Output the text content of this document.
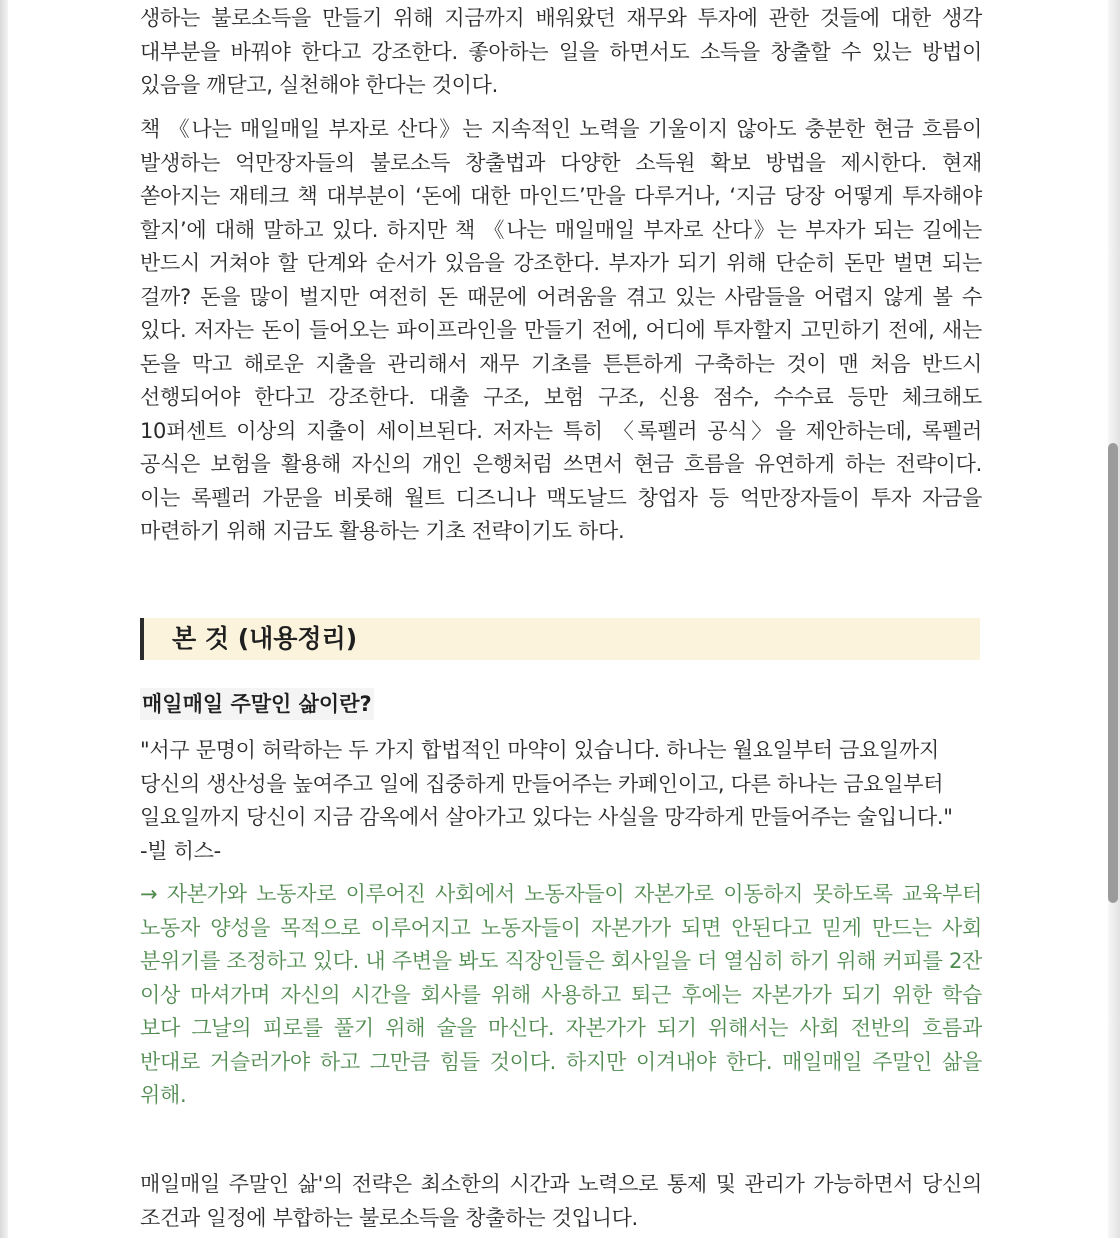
생하는 불로소득을 만들기 위해 지금까지 배워왔던 재무와 투자에 관한 것들에 대한 생각 대부분을 바꿔야 한다고 강조한다. 좋아하는 일을 하면서도 소득을 창출할 수 있는 방법이 있음을 깨닫고, 실천해야 한다는 것이다.

책 《나는 매일매일 부자로 산다》는 지속적인 노력을 기울이지 않아도 충분한 현금 흐름이 발생하는 억만장자들의 불로소득 창출법과 다양한 소득원 확보 방법을 제시한다. 현재 쏟아지는 재테크 책 대부분이 ‘돈에 대한 마인드’만을 다루거나, ‘지금 당장 어떻게 투자해야 할지’에 대해 말하고 있다. 하지만 책 《나는 매일매일 부자로 산다》는 부자가 되는 길에는 반드시 거쳐야 할 단계와 순서가 있음을 강조한다. 부자가 되기 위해 단순히 돈만 벌면 되는 걸까? 돈을 많이 벌지만 여전히 돈 때문에 어려움을 겪고 있는 사람들을 어렵지 않게 볼 수 있다. 저자는 돈이 들어오는 파이프라인을 만들기 전에, 어디에 투자할지 고민하기 전에, 새는 돈을 막고 해로운 지출을 관리해서 재무 기초를 튼튼하게 구축하는 것이 맨 처음 반드시 선행되어야 한다고 강조한다. 대출 구조, 보험 구조, 신용 점수, 수수료 등만 체크해도 10퍼센트 이상의 지출이 세이브된다. 저자는 특히 〈록펠러 공식〉을 제안하는데, 록펠러 공식은 보험을 활용해 자신의 개인 은행처럼 쓰면서 현금 흐름을 유연하게 하는 전략이다. 이는 록펠러 가문을 비롯해 월트 디즈니나 맥도날드 창업자 등 억만장자들이 투자 자금을 마련하기 위해 지금도 활용하는 기초 전략이기도 하다.

본 것 (내용정리)
매일매일 주말인 삶이란?
"서구 문명이 허락하는 두 가지 합법적인 마약이 있습니다. 하나는 월요일부터 금요일까지
당신의 생산성을 높여주고 일에 집중하게 만들어주는 카페인이고, 다른 하나는 금요일부터
일요일까지 당신이 지금 감옥에서 살아가고 있다는 사실을 망각하게 만들어주는 술입니다."
-빌 히스-

→ 자본가와 노동자로 이루어진 사회에서 노동자들이 자본가로 이동하지 못하도록 교육부터 노동자 양성을 목적으로 이루어지고 노동자들이 자본가가 되면 안된다고 믿게 만드는 사회 분위기를 조정하고 있다. 내 주변을 봐도 직장인들은 회사일을 더 열심히 하기 위해 커피를 2잔 이상 마셔가며 자신의 시간을 회사를 위해 사용하고 퇴근 후에는 자본가가 되기 위한 학습 보다 그날의 피로를 풀기 위해 술을 마신다. 자본가가 되기 위해서는 사회 전반의 흐름과 반대로 거슬러가야 하고 그만큼 힘들 것이다. 하지만 이겨내야 한다. 매일매일 주말인 삶을 위해.

매일매일 주말인 삶'의 전략은 최소한의 시간과 노력으로 통제 및 관리가 가능하면서 당신의 조건과 일정에 부합하는 불로소득을 창출하는 것입니다.
